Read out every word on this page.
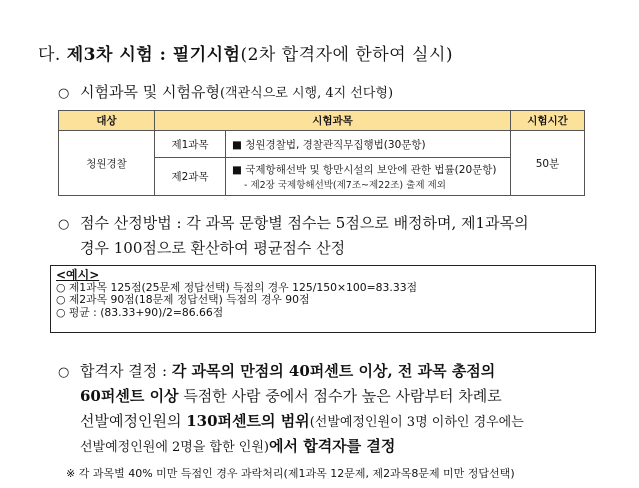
다. 제3차 시험 : 필기시험(2차 합격자에 한하여 실시)
○ 시험과목 및 시험유형(객관식으로 시행, 4지 선다형)
대상	시험과목		시험시간
청원경찰	제1과목	■ 청원경찰법, 경찰관직무집행법(30문항)	50분
	제2과목	■ 국제항해선박 및 항만시설의 보안에 관한 법률(20문항)
- 제2장 국제항해선박(제7조~제22조) 출제 제외	
○ 점수 산정방법 : 각 과목 문항별 점수는 5점으로 배정하며, 제1과목의
경우 100점으로 환산하여 평균점수 산정
<예시>
○ 제1과목 125점(25문제 정답선택) 득점의 경우 125/150×100=83.33점
○ 제2과목 90점(18문제 정답선택) 득점의 경우 90점
○ 평균 : (83.33+90)/2=86.66점
○ 합격자 결정 : 각 과목의 만점의 40퍼센트 이상, 전 과목 총점의
60퍼센트 이상 득점한 사람 중에서 점수가 높은 사람부터 차례로
선발예정인원의 130퍼센트의 범위(선발예정인원이 3명 이하인 경우에는
선발예정인원에 2명을 합한 인원)에서 합격자를 결정
※ 각 과목별 40% 미만 득점인 경우 과락처리(제1과목 12문제, 제2과목8문제 미만 정답선택)
